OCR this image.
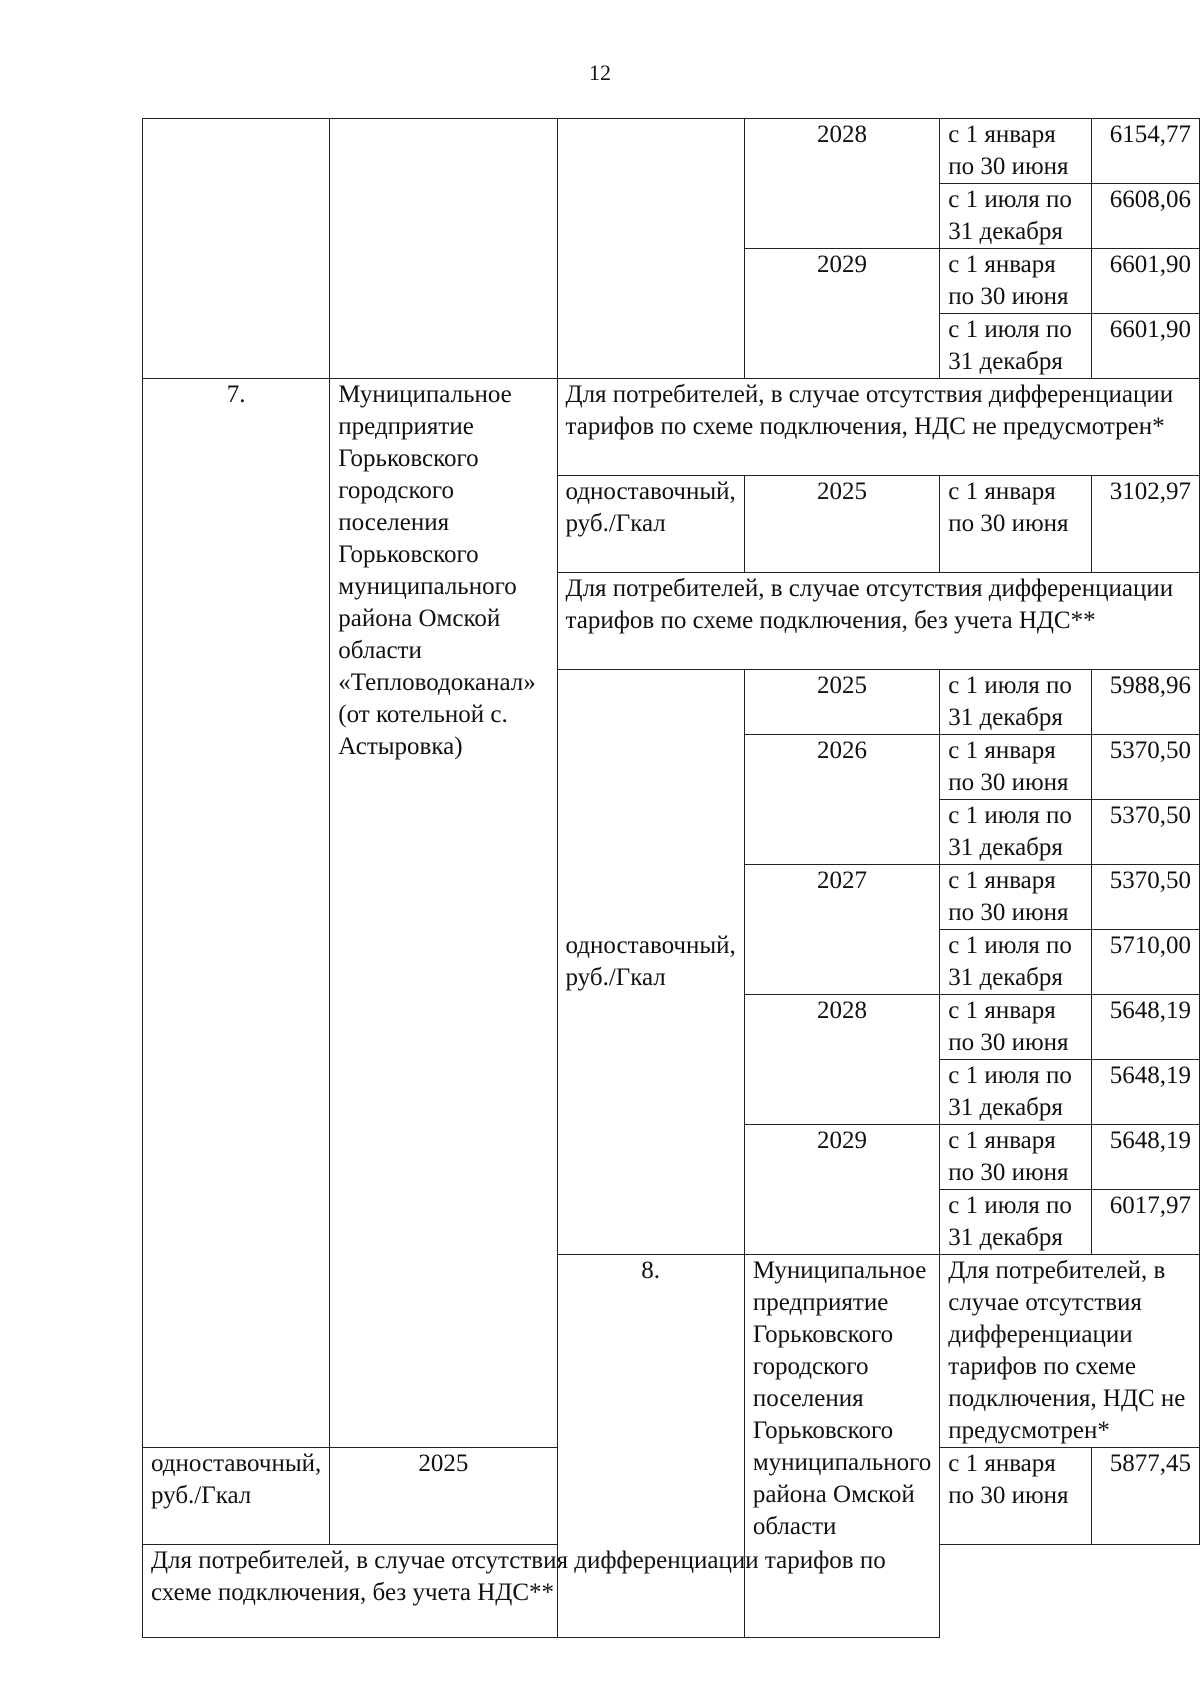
12
			2028	с 1 января по 30 июня	6154,77
				с 1 июля по 31 декабря	6608,06
			2029	с 1 января по 30 июня	6601,90
				с 1 июля по 31 декабря	6601,90
7.	Муниципальное предприятие Горьковского городского поселения Горьковского муниципального района Омской области «Тепловодоканал» (от котельной с. Астыровка)	Для потребителей, в случае отсутствия дифференциации тарифов по схеме подключения, НДС не предусмотрен*			
		одноставочный, руб./Гкал	2025	с 1 января по 30 июня	3102,97
		Для потребителей, в случае отсутствия дифференциации тарифов по схеме подключения, без учета НДС**			
		одноставочный, руб./Гкал	2025	с 1 июля по 31 декабря	5988,96
			2026	с 1 января по 30 июня	5370,50
				с 1 июля по 31 декабря	5370,50
			2027	с 1 января по 30 июня	5370,50
				с 1 июля по 31 декабря	5710,00
			2028	с 1 января по 30 июня	5648,19
				с 1 июля по 31 декабря	5648,19
			2029	с 1 января по 30 июня	5648,19
				с 1 июля по 31 декабря	6017,97
		8.	Муниципальное предприятие Горьковского городского поселения Горьковского муниципального района Омской области	Для потребителей, в случае отсутствия дифференциации тарифов по схеме подключения, НДС не предусмотрен*	
одноставочный, руб./Гкал	2025			с 1 января по 30 июня	5877,45
Для потребителей, в случае отсутствия дифференциации тарифов по схеме подключения, без учета НДС**					
